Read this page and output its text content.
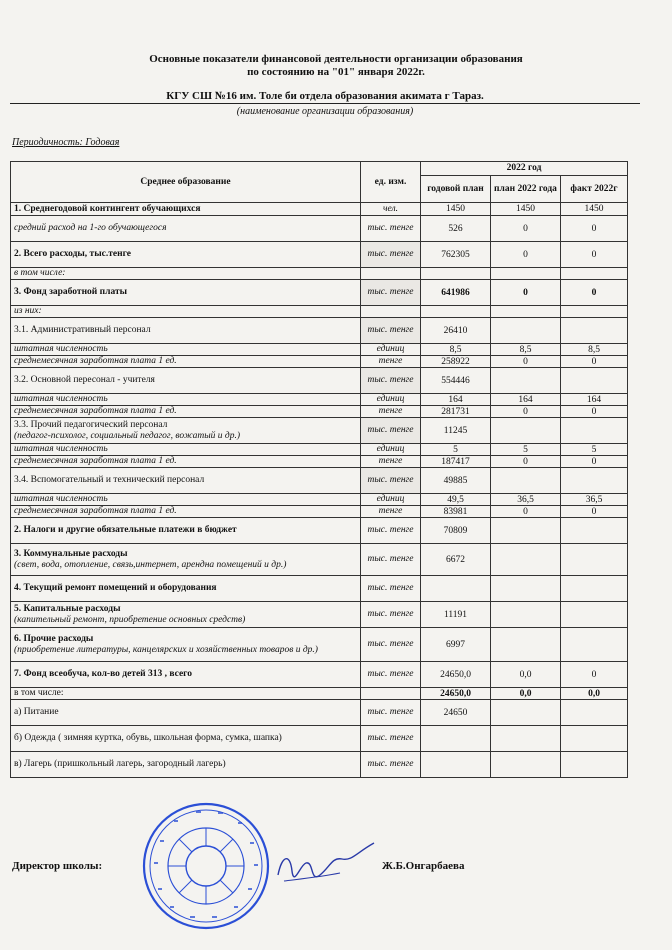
Основные показатели финансовой деятельности организации образования
по состоянию на "01" января 2022г.
КГУ СШ №16 им. Толе би отдела образования акимата г Тараз.
(наименование организации образования)
Периодичность: Годовая
Среднее образование	ед. изм.	2022 год		
		годовой план	план 2022 года	факт 2022г
1. Среднегодовой контингент обучающихся	чел.	1450	1450	1450
средний расход на 1-го обучающегося	тыс. тенге	526	0	0
2. Всего расходы, тыс.тенге	тыс. тенге	762305	0	0
в том числе:				
3. Фонд заработной платы	тыс. тенге	641986	0	0
из них:				
3.1. Административный персонал	тыс. тенге	26410		
штатная численность	единиц	8,5	8,5	8,5
среднемесячная заработная плата 1 ед.	тенге	258922	0	0
3.2. Основной пересонал - учителя	тыс. тенге	554446		
штатная численность	единиц	164	164	164
среднемесячная заработная плата 1 ед.	тенге	281731	0	0
3.3. Прочий педагогический персонал
(педагог-психолог, социальный педагог, вожатый и др.)	тыс. тенге	11245		
штатная численность	единиц	5	5	5
среднемесячная заработная плата 1 ед.	тенге	187417	0	0
3.4. Вспомогательный и технический персонал	тыс. тенге	49885		
штатная численность	единиц	49,5	36,5	36,5
среднемесячная заработная плата 1 ед.	тенге	83981	0	0
2. Налоги и другие обязательные платежи в бюджет	тыс. тенге	70809		
3. Коммунальные расходы
(свет, вода, отопление, связь,интернет, арендна помещений и др.)	тыс. тенге	6672		
4. Текущий ремонт помещений и оборудования	тыс. тенге			
5. Капитальные расходы
(капительный ремонт, приобретение основных средств)	тыс. тенге	11191		
6. Прочие расходы
(приобретение литературы, канцелярских и хозяйственных товаров и др.)	тыс. тенге	6997		
7. Фонд всеобуча, кол-во детей 313 , всего	тыс. тенге	24650,0	0,0	0
в том числе:		24650,0	0,0	0,0
а) Питание	тыс. тенге	24650		
б) Одежда ( зимняя куртка, обувь, школьная форма, сумка, шапка)	тыс. тенге			
в) Лагерь (пришкольный лагерь, загородный лагерь)	тыс. тенге			
Директор школы:	Ж.Б.Онгарбаева
